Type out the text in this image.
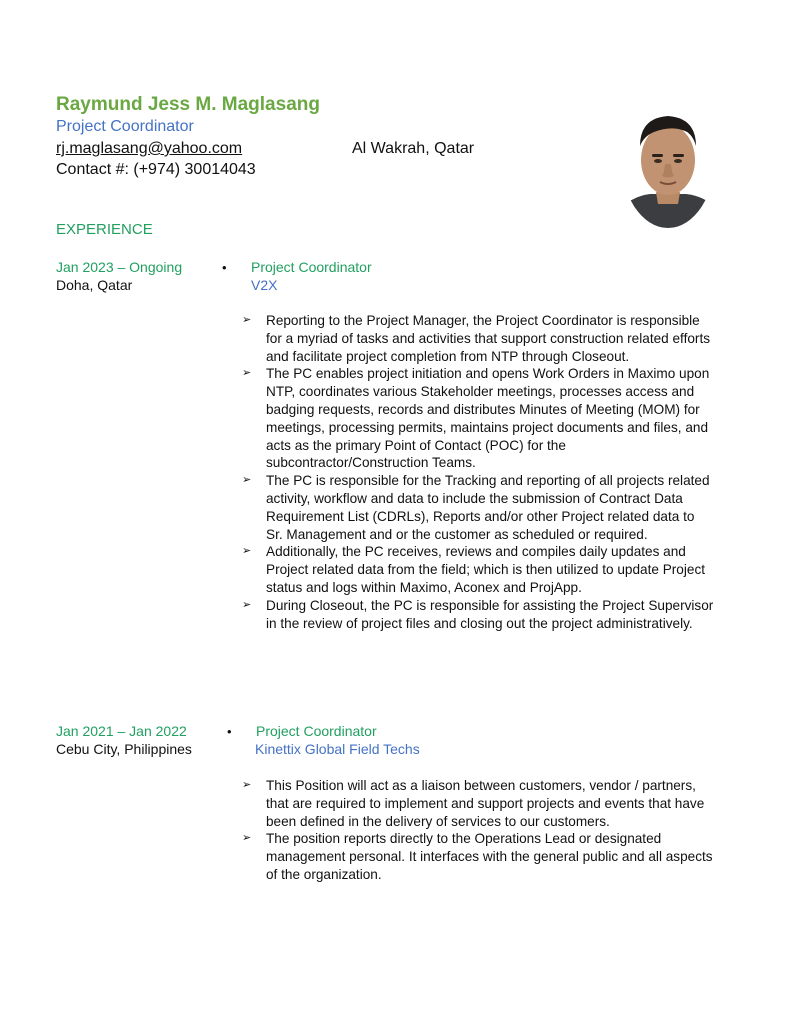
Raymund Jess M. Maglasang
Project Coordinator
rj.maglasang@yahoo.com	Al Wakrah, Qatar
Contact #: (+974) 30014043
EXPERIENCE
Jan 2023 – Ongoing
Doha, Qatar
• Project Coordinator
V2X
➢ Reporting to the Project Manager, the Project Coordinator is responsible for a myriad of tasks and activities that support construction related efforts and facilitate project completion from NTP through Closeout.
➢ The PC enables project initiation and opens Work Orders in Maximo upon NTP, coordinates various Stakeholder meetings, processes access and badging requests, records and distributes Minutes of Meeting (MOM) for meetings, processing permits, maintains project documents and files, and acts as the primary Point of Contact (POC) for the subcontractor/Construction Teams.
➢ The PC is responsible for the Tracking and reporting of all projects related activity, workflow and data to include the submission of Contract Data Requirement List (CDRLs), Reports and/or other Project related data to Sr. Management and or the customer as scheduled or required.
➢ Additionally, the PC receives, reviews and compiles daily updates and Project related data from the field; which is then utilized to update Project status and logs within Maximo, Aconex and ProjApp.
➢ During Closeout, the PC is responsible for assisting the Project Supervisor in the review of project files and closing out the project administratively.
Jan 2021 – Jan 2022
Cebu City, Philippines
• Project Coordinator
Kinettix Global Field Techs
➢ This Position will act as a liaison between customers, vendor / partners, that are required to implement and support projects and events that have been defined in the delivery of services to our customers.
➢ The position reports directly to the Operations Lead or designated management personal. It interfaces with the general public and all aspects of the organization.
